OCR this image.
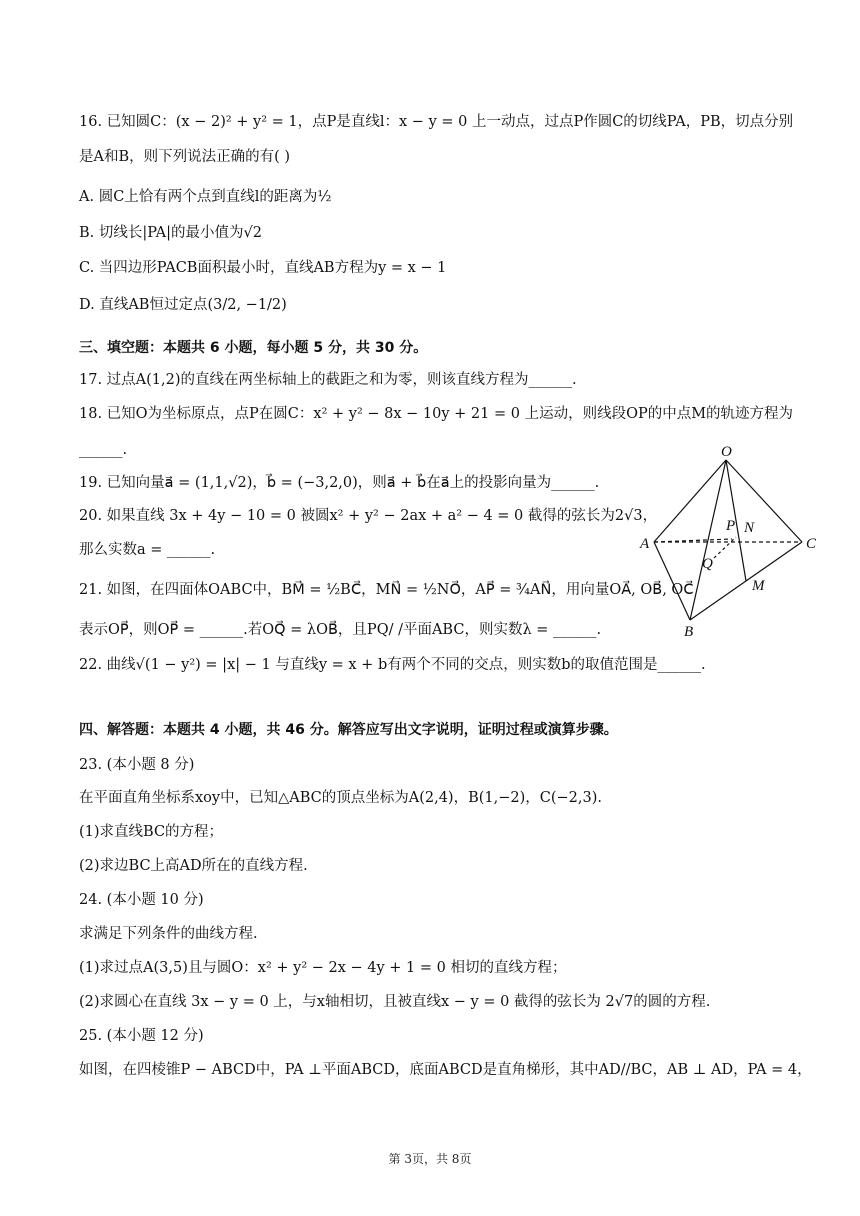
16. 已知圆C：(x − 2)² + y² = 1，点P是直线l：x − y = 0 上一动点，过点P作圆C的切线PA，PB，切点分别
是A和B，则下列说法正确的有( )
A. 圆C上恰有两个点到直线l的距离为½
B. 切线长|PA|的最小值为√2
C. 当四边形PACB面积最小时，直线AB方程为y = x − 1
D. 直线AB恒过定点(3/2, −1/2)
三、填空题：本题共 6 小题，每小题 5 分，共 30 分。
17. 过点A(1,2)的直线在两坐标轴上的截距之和为零，则该直线方程为______.
18. 已知O为坐标原点，点P在圆C：x² + y² − 8x − 10y + 21 = 0 上运动，则线段OP的中点M的轨迹方程为
______.
19. 已知向量a⃗ = (1,1,√2)，b⃗ = (−3,2,0)，则a⃗ + b⃗在a⃗上的投影向量为______.
20. 如果直线 3x + 4y − 10 = 0 被圆x² + y² − 2ax + a² − 4 = 0 截得的弦长为2√3，
那么实数a = ______.
21. 如图，在四面体OABC中，BM⃗ = ½BC⃗，MN⃗ = ½NO⃗，AP⃗ = ¾AN⃗，用向量OA⃗, OB⃗, OC⃗
表示OP⃗，则OP⃗ = ______.若OQ⃗ = λOB⃗，且PQ/ /平面ABC，则实数λ = ______.
22. 曲线√(1 − y²) = |x| − 1 与直线y = x + b有两个不同的交点，则实数b的取值范围是______.
四、解答题：本题共 4 小题，共 46 分。解答应写出文字说明，证明过程或演算步骤。
23. (本小题 8 分)
在平面直角坐标系xoy中，已知△ABC的顶点坐标为A(2,4)，B(1,−2)，C(−2,3).
(1)求直线BC的方程；
(2)求边BC上高AD所在的直线方程.
24. (本小题 10 分)
求满足下列条件的曲线方程.
(1)求过点A(3,5)且与圆O：x² + y² − 2x − 4y + 1 = 0 相切的直线方程；
(2)求圆心在直线 3x − y = 0 上，与x轴相切，且被直线x − y = 0 截得的弦长为 2√7的圆的方程.
25. (本小题 12 分)
如图，在四棱锥P − ABCD中，PA ⊥平面ABCD，底面ABCD是直角梯形，其中AD//BC，AB ⊥ AD，PA = 4，
O
A	C
B
P N
Q
M
第 3页，共 8页
